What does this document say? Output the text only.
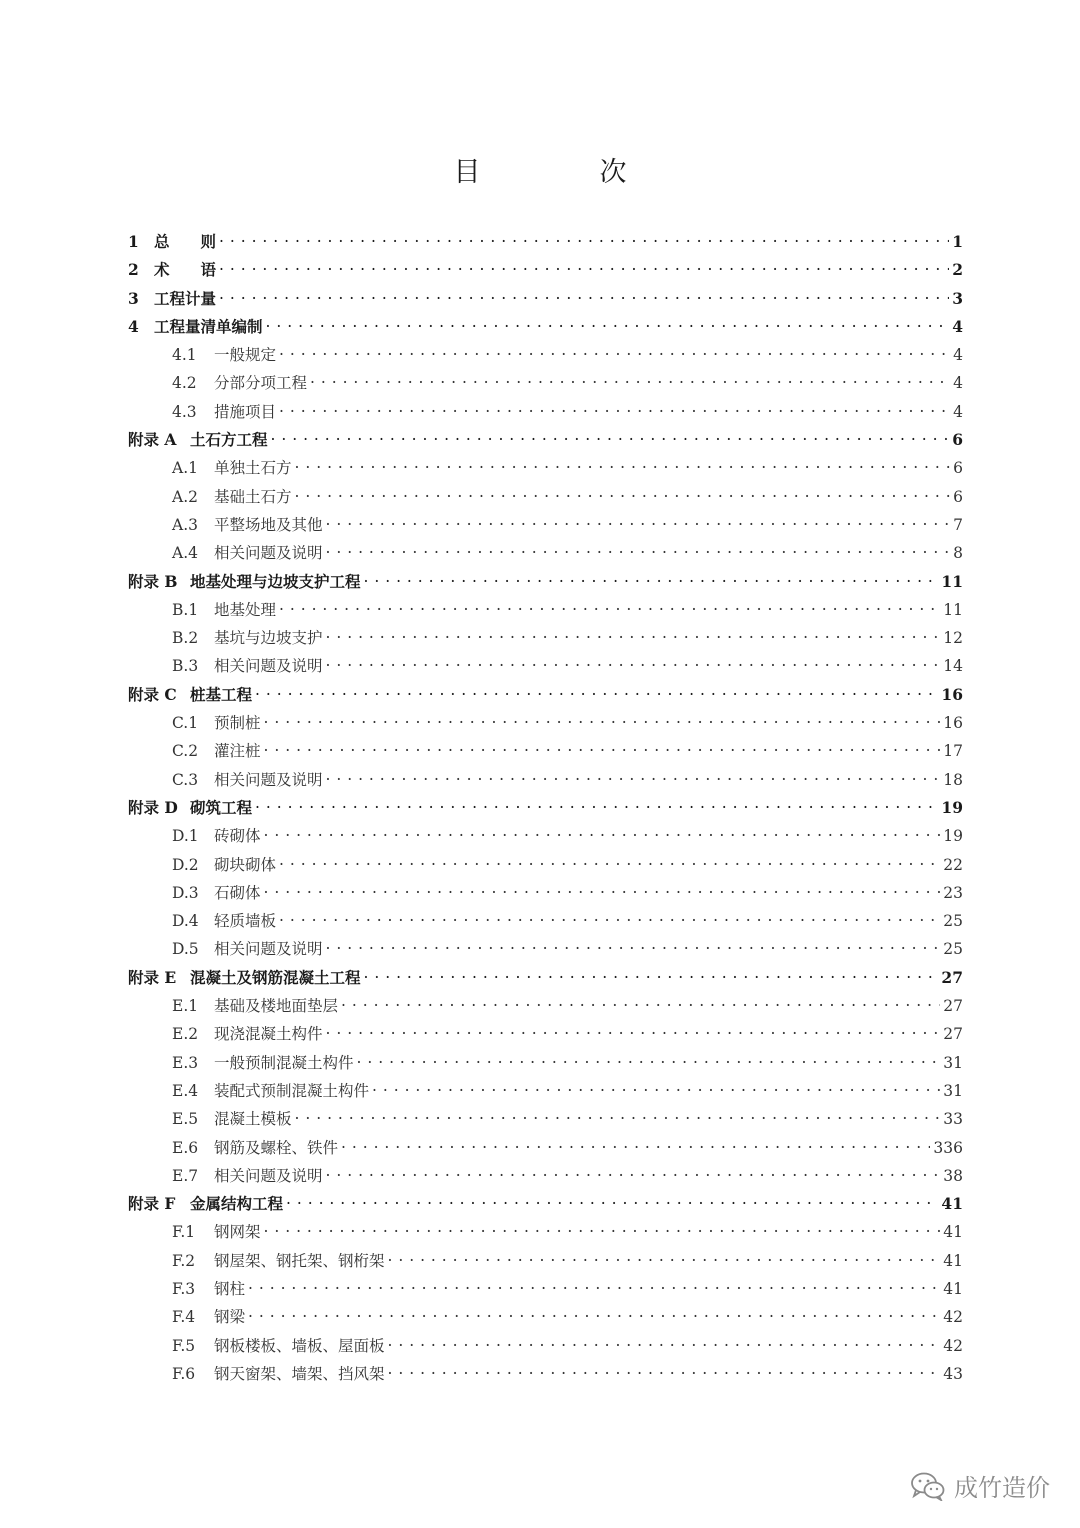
目　次
1 总　　则 . . .	1
2 术　　语 . . .	2
3 工程计量 . . .	3
4 工程量清单编制 . . .	4
4.1	一般规定 . . .	4
4.2	分部分项工程 . . .	4
4.3	措施项目 . . .	4
附录 A 土石方工程 . . .	6
A.1	单独土石方 . . .	6
A.2	基础土石方 . . .	6
A.3	平整场地及其他 . . .	7
A.4	相关问题及说明 . . .	8
附录 B 地基处理与边坡支护工程 . . .	11
B.1	地基处理 . . .	11
B.2	基坑与边坡支护 . . .	12
B.3	相关问题及说明 . . .	14
附录 C 桩基工程 . . .	16
C.1	预制桩 . . .	16
C.2	灌注桩 . . .	17
C.3	相关问题及说明 . . .	18
附录 D 砌筑工程 . . .	19
D.1 砖砌体 . . .	19
D.2 砌块砌体 . . .	22
D.3 石砌体 . . .	23
D.4 轻质墙板 . . .	25
D.5 相关问题及说明 . . .	25
附录 E 混凝土及钢筋混凝土工程 . . .	27
E.1	基础及楼地面垫层 . . .	27
E.2	现浇混凝土构件 . . .	27
E.3	一般预制混凝土构件 . . .	31
E.4	装配式预制混凝土构件 . . .	31
E.5	混凝土模板 . . .	33
E.6	钢筋及螺栓、铁件 . . .	336
E.7	相关问题及说明 . . .	38
附录 F 金属结构工程 . . .	41
F.1	钢网架 . . .	41
F.2	钢屋架、钢托架、钢桁架 . . .	41
F.3	钢柱 . . .	41
F.4	钢梁 . . .	42
F.5	钢板楼板、墙板、屋面板 . . .	42
F.6	钢天窗架、墙架、挡风架 . . .	43
成竹造价
